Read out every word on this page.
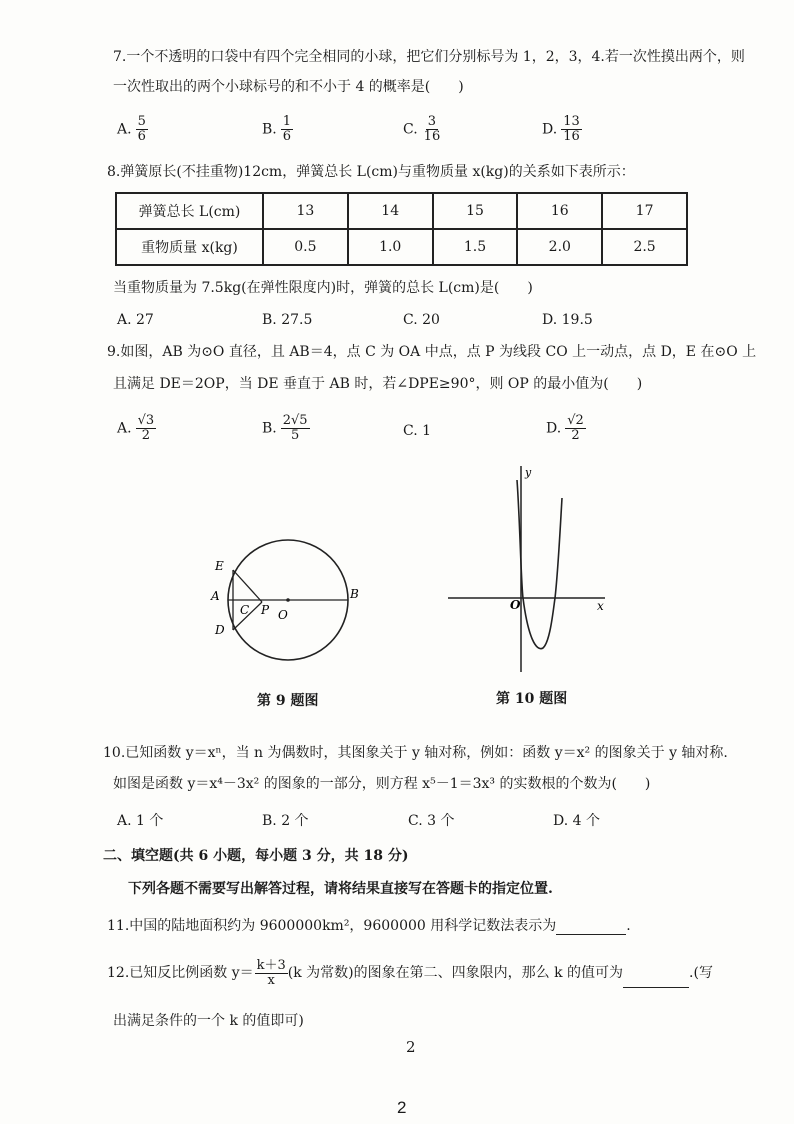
7.一个不透明的口袋中有四个完全相同的小球，把它们分别标号为 1，2，3，4.若一次性摸出两个，则
一次性取出的两个小球标号的和不小于 4 的概率是(　　)
A. $\frac{5}{6}$	B. $\frac{1}{6}$	C. $\frac{3}{16}$	D. $\frac{13}{16}$
8.弹簧原长(不挂重物)12cm，弹簧总长 L(cm)与重物质量 x(kg)的关系如下表所示：
弹簧总长 L(cm)	13	14	15	16	17
重物质量 x(kg)	0.5	1.0	1.5	2.0	2.5
当重物质量为 7.5kg(在弹性限度内)时，弹簧的总长 L(cm)是(　　)
A. 27	B. 27.5	C. 20	D. 19.5
9.如图，AB 为⊙O 直径，且 AB＝4，点 C 为 OA 中点，点 P 为线段 CO 上一动点，点 D，E 在⊙O 上
且满足 DE＝2OP，当 DE 垂直于 AB 时，若∠DPE≥90°，则 OP 的最小值为(　　)
A. $\frac{√3}{2}$	B. $\frac{2√5}{5}$	C. 1	D. $\frac{√2}{2}$
E
A
D
C P O
B
第 9 题图
y
x
O
第 10 题图
10.已知函数 y＝xⁿ，当 n 为偶数时，其图象关于 y 轴对称，例如：函数 y＝x² 的图象关于 y 轴对称.
如图是函数 y＝x⁴－3x² 的图象的一部分，则方程 x⁵－1＝3x³ 的实数根的个数为(　　)
A. 1 个	B. 2 个	C. 3 个	D. 4 个
二、填空题(共 6 小题，每小题 3 分，共 18 分)
下列各题不需要写出解答过程，请将结果直接写在答题卡的指定位置.
11.中国的陆地面积约为 9600000km²，9600000 用科学记数法表示为	.
12.已知反比例函数 $y= \frac{k+3}{x} (k$ 为常数)的图象在第二、四象限内，那么 k 的值可为	.(写
出满足条件的一个 k 的值即可)
2
2
